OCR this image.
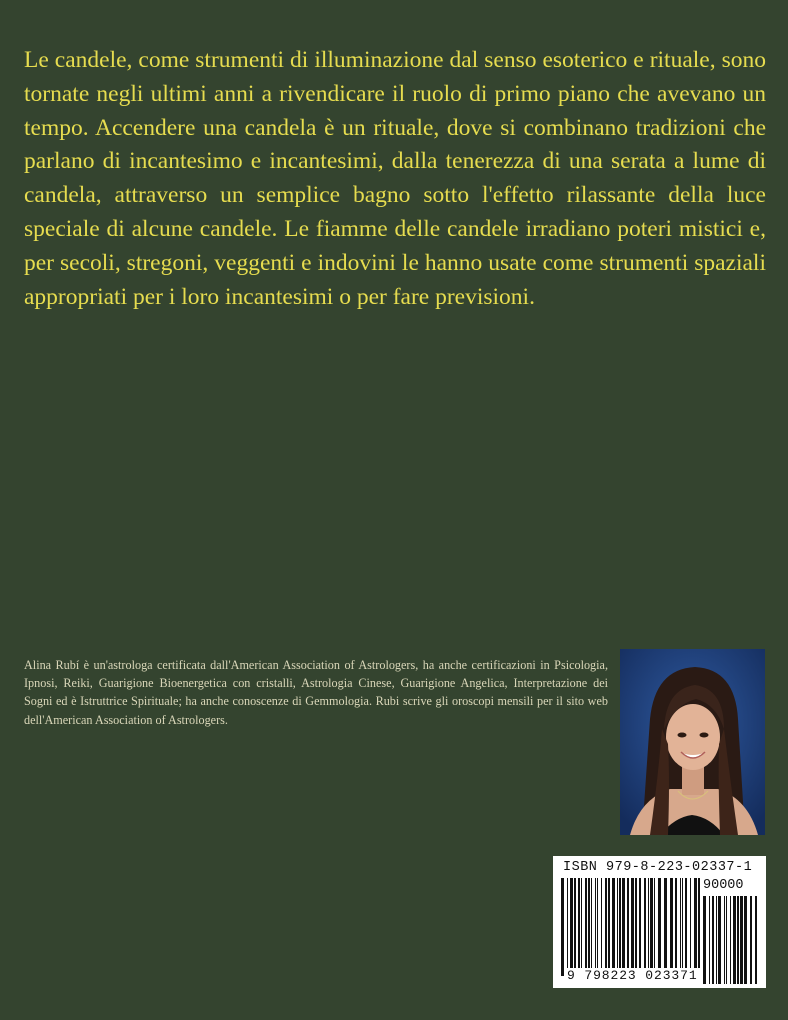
Le candele, come strumenti di illuminazione dal senso esoterico e rituale, sono tornate negli ultimi anni a rivendicare il ruolo di primo piano che avevano un tempo. Accendere una candela è un rituale, dove si combinano tradizioni che parlano di incantesimo e incantesimi, dalla tenerezza di una serata a lume di candela, attraverso un semplice bagno sotto l'effetto rilassante della luce speciale di alcune candele. Le fiamme delle candele irradiano poteri mistici e, per secoli, stregoni, veggenti e indovini le hanno usate come strumenti spaziali appropriati per i loro incantesimi o per fare previsioni.

Alina Rubí è un'astrologa certificata dall'American Association of Astrologers, ha anche certificazioni in Psicologia, Ipnosi, Reiki, Guarigione Bioenergetica con cristalli, Astrologia Cinese, Guarigione Angelica, Interpretazione dei Sogni ed è Istruttrice Spirituale; ha anche conoscenze di Gemmologia. Rubi scrive gli oroscopi mensili per il sito web dell'American Association of Astrologers.

ISBN 979-8-223-02337-1
90000
9 798223 023371
